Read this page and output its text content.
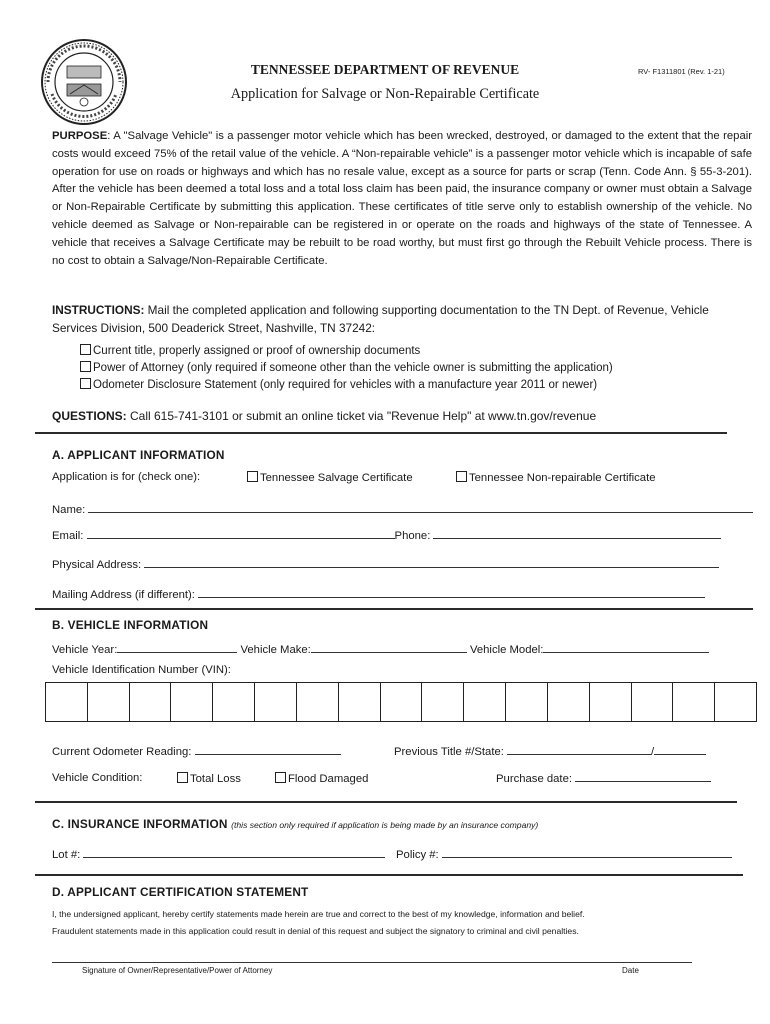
TENNESSEE DEPARTMENT OF REVENUE
Application for Salvage or Non-Repairable Certificate
RV- F1311801 (Rev. 1-21)

PURPOSE: A "Salvage Vehicle" is a passenger motor vehicle which has been wrecked, destroyed, or damaged to the extent that the repair costs would exceed 75% of the retail value of the vehicle. A “Non-repairable vehicle” is a passenger motor vehicle which is incapable of safe operation for use on roads or highways and which has no resale value, except as a source for parts or scrap (Tenn. Code Ann. § 55-3-201). After the vehicle has been deemed a total loss and a total loss claim has been paid, the insurance company or owner must obtain a Salvage or Non-Repairable Certificate by submitting this application. These certificates of title serve only to establish ownership of the vehicle. No vehicle deemed as Salvage or Non-repairable can be registered in or operate on the roads and highways of the state of Tennessee. A vehicle that receives a Salvage Certificate may be rebuilt to be road worthy, but must first go through the Rebuilt Vehicle process. There is no cost to obtain a Salvage/Non-Repairable Certificate.

INSTRUCTIONS: Mail the completed application and following supporting documentation to the TN Dept. of Revenue, Vehicle Services Division, 500 Deaderick Street, Nashville, TN 37242:

Current title, properly assigned or proof of ownership documents
Power of Attorney (only required if someone other than the vehicle owner is submitting the application)
Odometer Disclosure Statement (only required for vehicles with a manufacture year 2011 or newer)
QUESTIONS: Call 615-741-3101 or submit an online ticket via "Revenue Help" at www.tn.gov/revenue
A. APPLICANT INFORMATION
Application is for (check one):	Tennessee Salvage Certificate	Tennessee Non-repairable Certificate
Name:
Email:	Phone:
Physical Address:
Mailing Address (if different):
B. VEHICLE INFORMATION
Vehicle Year:	Vehicle Make:	Vehicle Model:
Vehicle Identification Number (VIN):
Current Odometer Reading:	Previous Title #/State:	/
Vehicle Condition:	Total Loss	Flood Damaged	Purchase date:
C. INSURANCE INFORMATION (this section only required if application is being made by an insurance company)
Lot #:	Policy #:
D. APPLICANT CERTIFICATION STATEMENT
I, the undersigned applicant, hereby certify statements made herein are true and correct to the best of my knowledge, information and belief.
Fraudulent statements made in this application could result in denial of this request and subject the signatory to criminal and civil penalties.
Signature of Owner/Representative/Power of Attorney	Date
